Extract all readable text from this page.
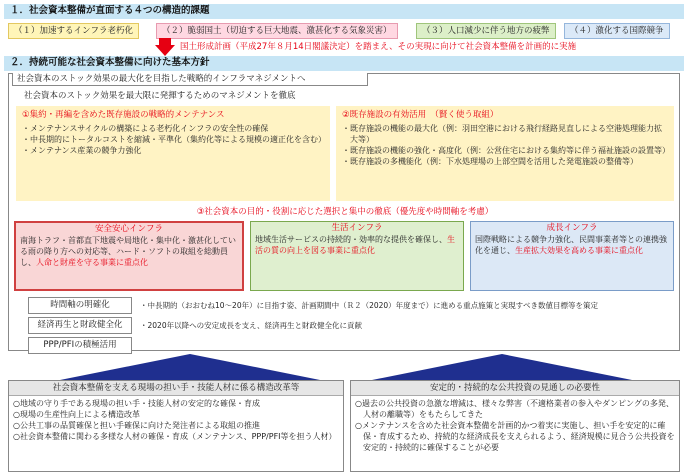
１．社会資本整備が直面する４つの構造的課題
（１）加速するインフラ老朽化	（２）脆弱国土（切迫する巨大地震、激甚化する気象災害）	（３）人口減少に伴う地方の疲弊	（４）激化する国際競争
国土形成計画（平成27年８月14日閣議決定）を踏まえ、その実現に向けて社会資本整備を計画的に実施
２．持続可能な社会資本整備に向けた基本方針
社会資本のストック効果の最大化を目指した戦略的インフラマネジメントへ
社会資本のストック効果を最大限に発揮するためのマネジメントを徹底
①集約・再編を含めた既存施設の戦略的メンテナンス
・メンテナンスサイクルの構築による老朽化インフラの安全性の確保
・中長期的にトータルコストを縮減・平準化（集約化等による規模の適正化を含む）
・メンテナンス産業の競争力強化
②既存施設の有効活用　（賢く使う取組）
・既存施設の機能の最大化（例：羽田空港における飛行経路見直しによる空港処理能力拡大等）
・既存施設の機能の強化・高度化（例：公営住宅における集約等に伴う福祉施設の設置等）
・既存施設の多機能化（例：下水処理場の上部空間を活用した発電施設の整備等）
③社会資本の目的・役割に応じた選択と集中の徹底（優先度や時間軸を考慮）
安全安心インフラ
南海トラフ・首都直下地震や局地化・集中化・激甚化している雨の降り方への対応等、ハード・ソフトの取組を総動員し、人命と財産を守る事業に重点化
生活インフラ
地域生活サービスの持続的・効率的な提供を確保し、生活の質の向上を図る事業に重点化
成長インフラ
国際戦略による競争力強化、民間事業者等との連携強化を通じ、生産拡大効果を高める事業に重点化
時間軸の明確化	・中長期的（おおむね10～20年）に目指す姿、計画期間中（Ｒ２（2020）年度まで）に進める重点施策と実現すべき数値目標等を策定
経済再生と財政健全化	・2020年以降への安定成長を支え、経済再生と財政健全化に貢献
PPP/PFIの積極活用
社会資本整備を支える現場の担い手・技能人材に係る構造改革等
○地域の守り手である現場の担い手・技能人材の安定的な確保・育成
○現場の生産性向上による構造改革
○公共工事の品質確保と担い手確保に向けた発注者による取組の推進
○社会資本整備に関わる多様な人材の確保・育成（メンテナンス、PPP/PFI等を担う人材）
安定的・持続的な公共投資の見通しの必要性
○過去の公共投資の急激な増減は、様々な弊害（不適格業者の参入やダンピングの多発、人材の離職等）をもたらしてきた
○メンテナンスを含めた社会資本整備を計画的かつ着実に実施し、担い手を安定的に確保・育成するため、持続的な経済成長を支えられるよう、経済規模に見合う公共投資を安定的・持続的に確保することが必要
